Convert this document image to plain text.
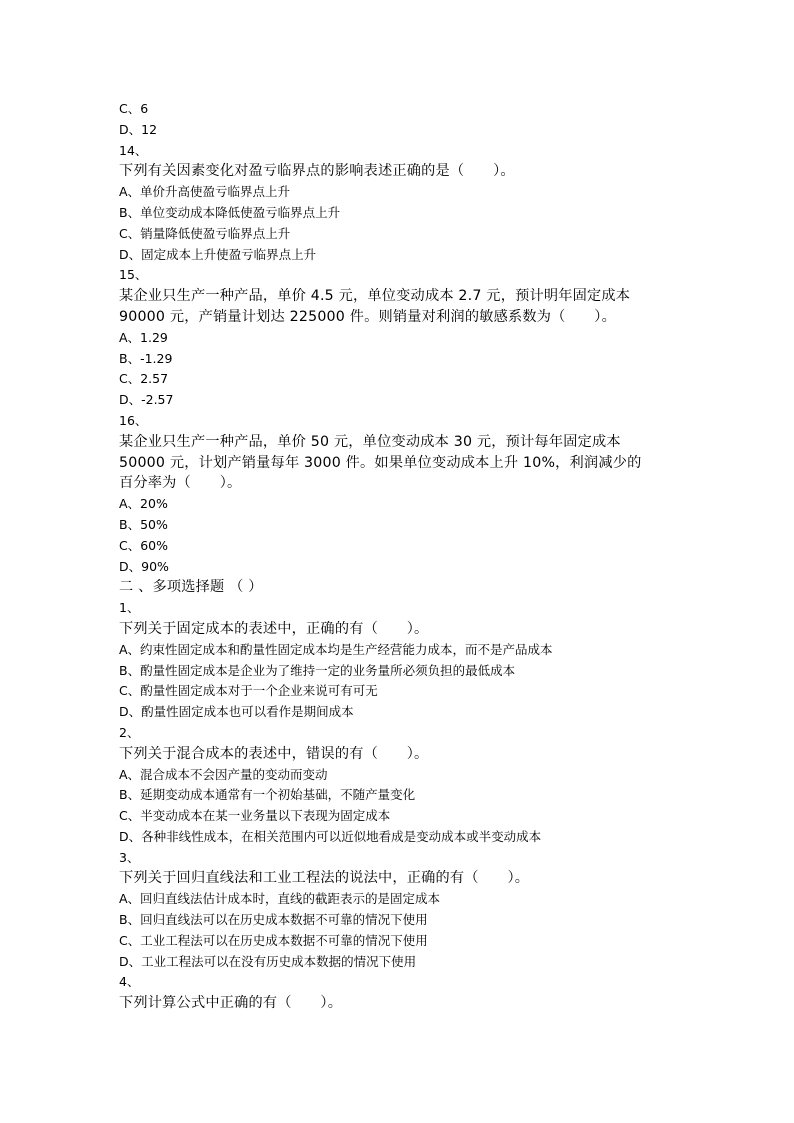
C、6
D、12
14、
下列有关因素变化对盈亏临界点的影响表述正确的是（　　）。
A、单价升高使盈亏临界点上升
B、单位变动成本降低使盈亏临界点上升
C、销量降低使盈亏临界点上升
D、固定成本上升使盈亏临界点上升
15、
某企业只生产一种产品，单价 4.5 元，单位变动成本 2.7 元，预计明年固定成本
90000 元，产销量计划达 225000 件。则销量对利润的敏感系数为（　　）。
A、1.29
B、-1.29
C、2.57
D、-2.57
16、
某企业只生产一种产品，单价 50 元，单位变动成本 30 元，预计每年固定成本
50000 元，计划产销量每年 3000 件。如果单位变动成本上升 10%，利润减少的
百分率为（　　）。
A、20%
B、50%
C、60%
D、90%
二 、多项选择题 （ ）
1、
下列关于固定成本的表述中，正确的有（　　）。
A、约束性固定成本和酌量性固定成本均是生产经营能力成本，而不是产品成本
B、酌量性固定成本是企业为了维持一定的业务量所必须负担的最低成本
C、酌量性固定成本对于一个企业来说可有可无
D、酌量性固定成本也可以看作是期间成本
2、
下列关于混合成本的表述中，错误的有（　　）。
A、混合成本不会因产量的变动而变动
B、延期变动成本通常有一个初始基础，不随产量变化
C、半变动成本在某一业务量以下表现为固定成本
D、各种非线性成本，在相关范围内可以近似地看成是变动成本或半变动成本
3、
下列关于回归直线法和工业工程法的说法中，正确的有（　　）。
A、回归直线法估计成本时，直线的截距表示的是固定成本
B、回归直线法可以在历史成本数据不可靠的情况下使用
C、工业工程法可以在历史成本数据不可靠的情况下使用
D、工业工程法可以在没有历史成本数据的情况下使用
4、
下列计算公式中正确的有（　　）。
